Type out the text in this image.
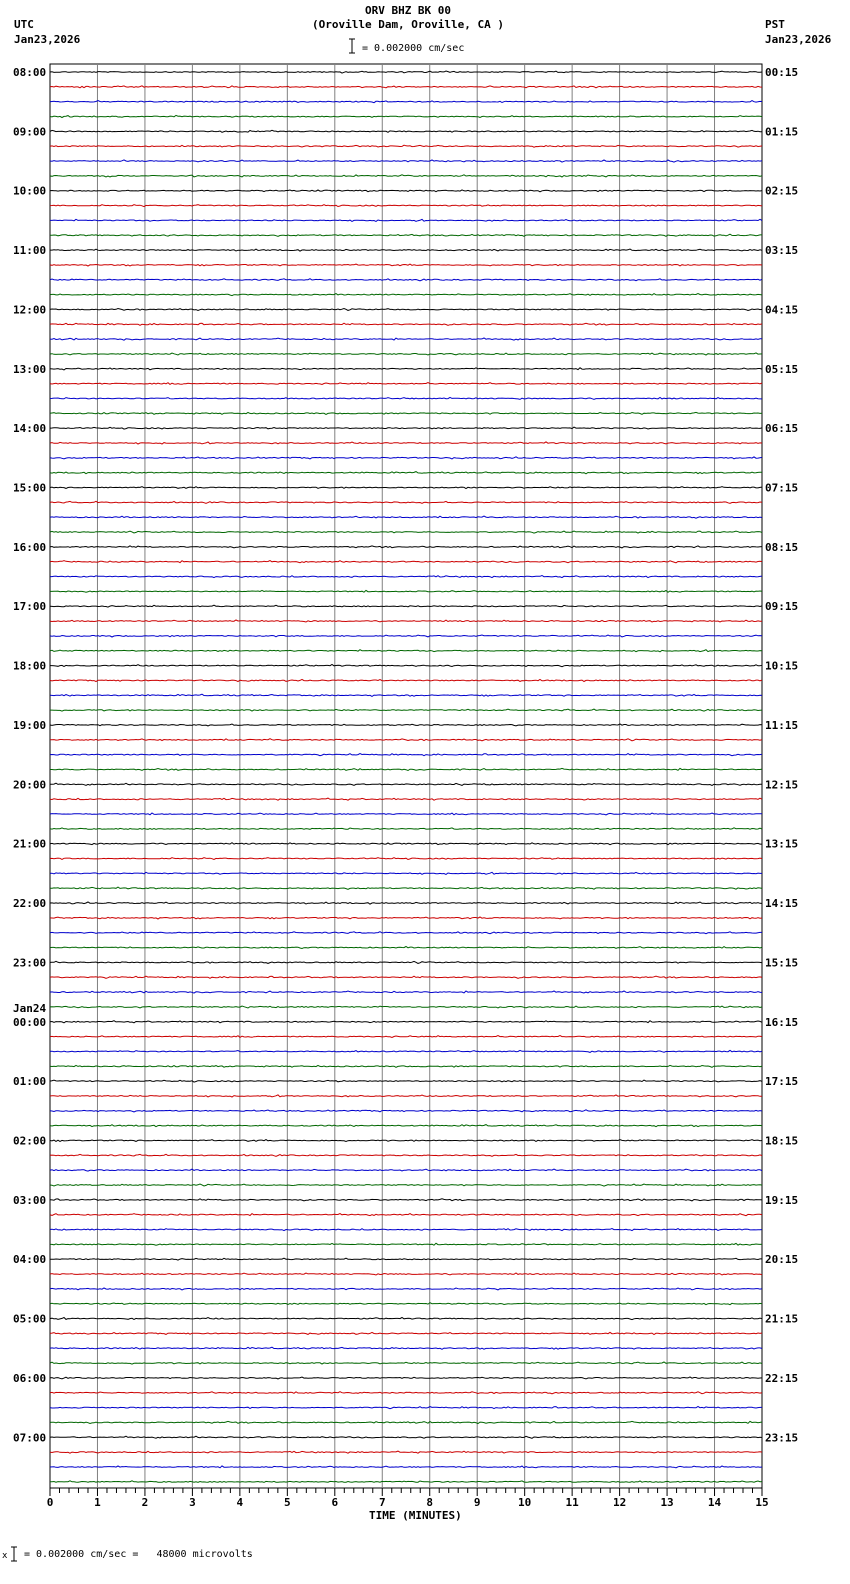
ORV BHZ BK 00
(Oroville Dam, Oroville, CA )
UTC
Jan23,2026
PST
Jan23,2026
= 0.002000 cm/sec
0	1	2	3	4	5	6	7	8	9	10	11	12	13	14	15
08:00
09:00
10:00
11:00
12:00
13:00
14:00
15:00
16:00
17:00
18:00
19:00
20:00
21:00
22:00
23:00
00:00
Jan24
01:00
02:00
03:00
04:00
05:00
06:00
07:00
00:15
01:15
02:15
03:15
04:15
05:15
06:15
07:15
08:15
09:15
10:15
11:15
12:15
13:15
14:15
15:15
16:15
17:15
18:15
19:15
20:15
21:15
22:15
23:15
TIME (MINUTES)
x = 0.002000 cm/sec =   48000 microvolts
